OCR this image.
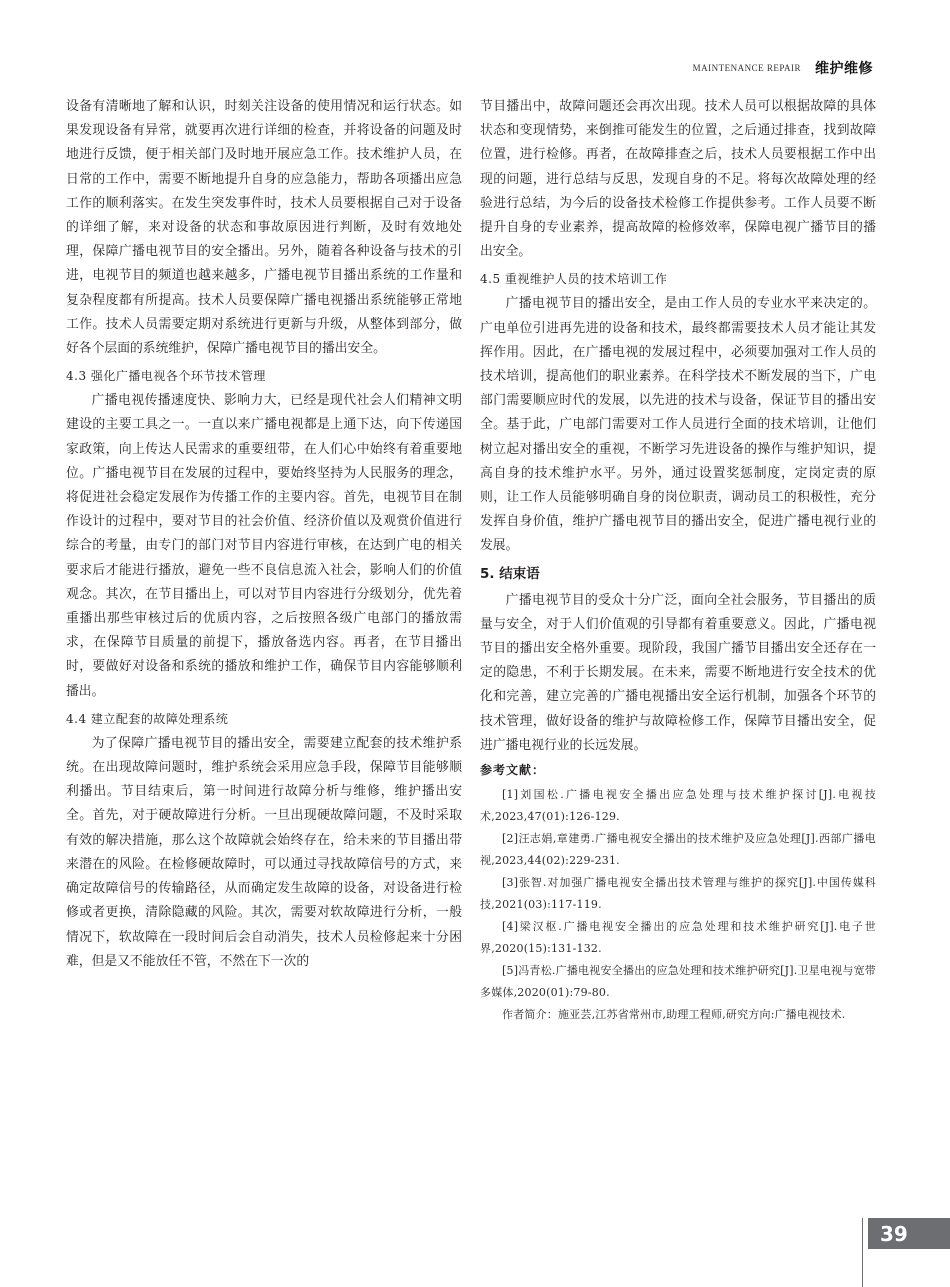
MAINTENANCE REPAIR 维护维修

设备有清晰地了解和认识，时刻关注设备的使用情况和运行状态。如果发现设备有异常，就要再次进行详细的检查，并将设备的问题及时地进行反馈，便于相关部门及时地开展应急工作。技术维护人员，在日常的工作中，需要不断地提升自身的应急能力，帮助各项播出应急工作的顺利落实。在发生突发事件时，技术人员要根据自己对于设备的详细了解，来对设备的状态和事故原因进行判断，及时有效地处理，保障广播电视节目的安全播出。另外，随着各种设备与技术的引进，电视节目的频道也越来越多，广播电视节目播出系统的工作量和复杂程度都有所提高。技术人员要保障广播电视播出系统能够正常地工作。技术人员需要定期对系统进行更新与升级，从整体到部分，做好各个层面的系统维护，保障广播电视节目的播出安全。

4.3 强化广播电视各个环节技术管理

广播电视传播速度快、影响力大，已经是现代社会人们精神文明建设的主要工具之一。一直以来广播电视都是上通下达，向下传递国家政策，向上传达人民需求的重要纽带，在人们心中始终有着重要地位。广播电视节目在发展的过程中，要始终坚持为人民服务的理念，将促进社会稳定发展作为传播工作的主要内容。首先，电视节目在制作设计的过程中，要对节目的社会价值、经济价值以及观赏价值进行综合的考量，由专门的部门对节目内容进行审核，在达到广电的相关要求后才能进行播放，避免一些不良信息流入社会，影响人们的价值观念。其次，在节目播出上，可以对节目内容进行分级划分，优先着重播出那些审核过后的优质内容，之后按照各级广电部门的播放需求，在保障节目质量的前提下，播放备选内容。再者，在节目播出时，要做好对设备和系统的播放和维护工作，确保节目内容能够顺利播出。

4.4 建立配套的故障处理系统

为了保障广播电视节目的播出安全，需要建立配套的技术维护系统。在出现故障问题时，维护系统会采用应急手段，保障节目能够顺利播出。节目结束后，第一时间进行故障分析与维修，维护播出安全。首先，对于硬故障进行分析。一旦出现硬故障问题，不及时采取有效的解决措施，那么这个故障就会始终存在，给未来的节目播出带来潜在的风险。在检修硬故障时，可以通过寻找故障信号的方式，来确定故障信号的传输路径，从而确定发生故障的设备，对设备进行检修或者更换，清除隐藏的风险。其次，需要对软故障进行分析，一般情况下，软故障在一段时间后会自动消失，技术人员检修起来十分困难，但是又不能放任不管，不然在下一次的

节目播出中，故障问题还会再次出现。技术人员可以根据故障的具体状态和变现情势，来倒推可能发生的位置，之后通过排查，找到故障位置，进行检修。再者，在故障排查之后，技术人员要根据工作中出现的问题，进行总结与反思，发现自身的不足。将每次故障处理的经验进行总结，为今后的设备技术检修工作提供参考。工作人员要不断提升自身的专业素养，提高故障的检修效率，保障电视广播节目的播出安全。

4.5 重视维护人员的技术培训工作

广播电视节目的播出安全，是由工作人员的专业水平来决定的。广电单位引进再先进的设备和技术，最终都需要技术人员才能让其发挥作用。因此，在广播电视的发展过程中，必须要加强对工作人员的技术培训，提高他们的职业素养。在科学技术不断发展的当下，广电部门需要顺应时代的发展，以先进的技术与设备，保证节目的播出安全。基于此，广电部门需要对工作人员进行全面的技术培训，让他们树立起对播出安全的重视，不断学习先进设备的操作与维护知识，提高自身的技术维护水平。另外，通过设置奖惩制度，定岗定责的原则，让工作人员能够明确自身的岗位职责，调动员工的积极性，充分发挥自身价值，维护广播电视节目的播出安全，促进广播电视行业的发展。

5. 结束语

广播电视节目的受众十分广泛，面向全社会服务，节目播出的质量与安全，对于人们价值观的引导都有着重要意义。因此，广播电视节目的播出安全格外重要。现阶段，我国广播节目播出安全还存在一定的隐患，不利于长期发展。在未来，需要不断地进行安全技术的优化和完善，建立完善的广播电视播出安全运行机制，加强各个环节的技术管理，做好设备的维护与故障检修工作，保障节目播出安全，促进广播电视行业的长远发展。

参考文献：

[1]刘国松.广播电视安全播出应急处理与技术维护探讨[J].电视技术,2023,47(01):126-129.

[2]汪志娟,章建勇.广播电视安全播出的技术维护及应急处理[J].西部广播电视,2023,44(02):229-231.

[3]张智.对加强广播电视安全播出技术管理与维护的探究[J].中国传媒科技,2021(03):117-119.

[4]梁汉枢.广播电视安全播出的应急处理和技术维护研究[J].电子世界,2020(15):131-132.

[5]冯青松.广播电视安全播出的应急处理和技术维护研究[J].卫星电视与宽带多媒体,2020(01):79-80.

作者简介：施亚芸,江苏省常州市,助理工程师,研究方向:广播电视技术.

39
